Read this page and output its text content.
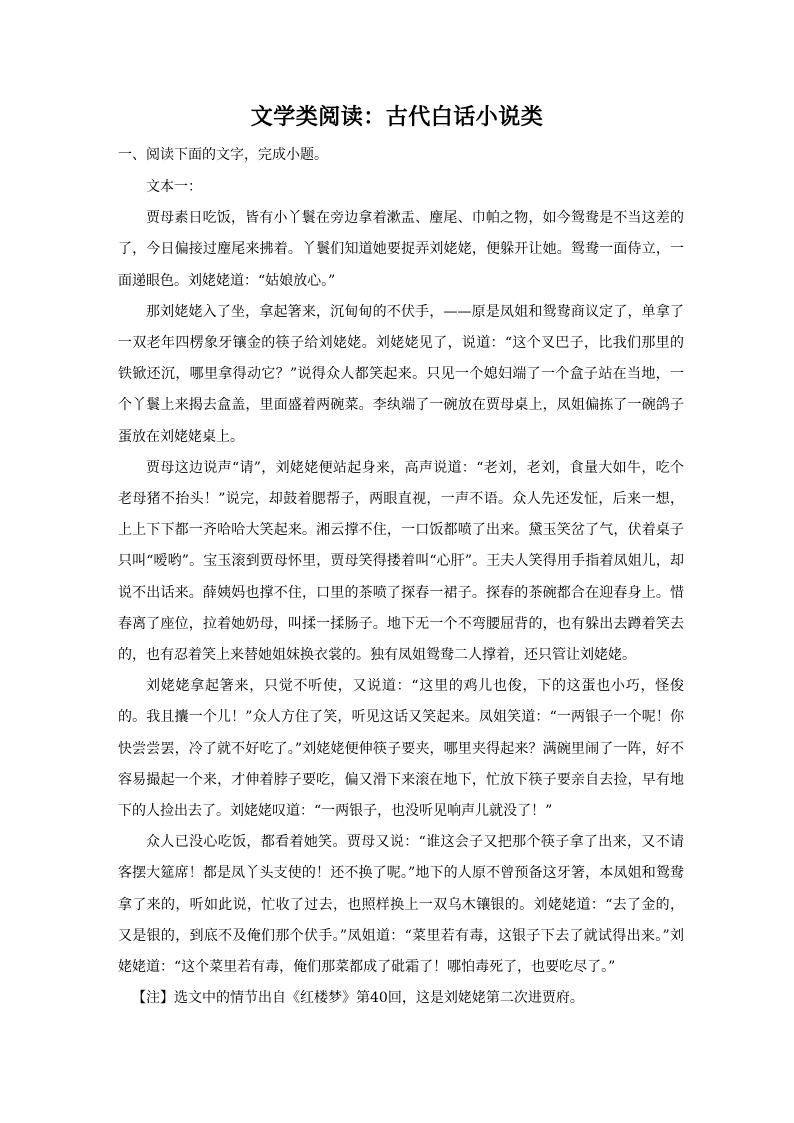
文学类阅读：古代白话小说类
一、阅读下面的文字，完成小题。

文本一：

贾母素日吃饭，皆有小丫鬟在旁边拿着漱盂、麈尾、巾帕之物，如今鸳鸯是不当这差的了，今日偏接过麈尾来拂着。丫鬟们知道她要捉弄刘姥姥，便躲开让她。鸳鸯一面侍立，一面递眼色。刘姥姥道：“姑娘放心。”

那刘姥姥入了坐，拿起箸来，沉甸甸的不伏手，——原是凤姐和鸳鸯商议定了，单拿了一双老年四楞象牙镶金的筷子给刘姥姥。刘姥姥见了，说道：“这个叉巴子，比我们那里的铁锨还沉，哪里拿得动它？”说得众人都笑起来。只见一个媳妇端了一个盒子站在当地，一个丫鬟上来揭去盒盖，里面盛着两碗菜。李纨端了一碗放在贾母桌上，凤姐偏拣了一碗鸽子蛋放在刘姥姥桌上。

贾母这边说声“请”，刘姥姥便站起身来，高声说道：“老刘，老刘，食量大如牛，吃个老母猪不抬头！”说完，却鼓着腮帮子，两眼直视，一声不语。众人先还发怔，后来一想，上上下下都一齐哈哈大笑起来。湘云撑不住，一口饭都喷了出来。黛玉笑岔了气，伏着桌子只叫“嗳哟”。宝玉滚到贾母怀里，贾母笑得搂着叫“心肝”。王夫人笑得用手指着凤姐儿，却说不出话来。薛姨妈也撑不住，口里的茶喷了探春一裙子。探春的茶碗都合在迎春身上。惜春离了座位，拉着她奶母，叫揉一揉肠子。地下无一个不弯腰屈背的，也有躲出去蹲着笑去的，也有忍着笑上来替她姐妹换衣裳的。独有凤姐鸳鸯二人撑着，还只管让刘姥姥。

刘姥姥拿起箸来，只觉不听使，又说道：“这里的鸡儿也俊，下的这蛋也小巧，怪俊的。我且攮一个儿！”众人方住了笑，听见这话又笑起来。凤姐笑道：“一两银子一个呢！你快尝尝罢，冷了就不好吃了。”刘姥姥便伸筷子要夹，哪里夹得起来？满碗里闹了一阵，好不容易撮起一个来，才伸着脖子要吃，偏又滑下来滚在地下，忙放下筷子要亲自去捡，早有地下的人捡出去了。刘姥姥叹道：“一两银子，也没听见响声儿就没了！”

众人已没心吃饭，都看着她笑。贾母又说：“谁这会子又把那个筷子拿了出来，又不请客摆大筵席！都是凤丫头支使的！还不换了呢。”地下的人原不曾预备这牙箸，本凤姐和鸳鸯拿了来的，听如此说，忙收了过去，也照样换上一双乌木镶银的。刘姥姥道：“去了金的，又是银的，到底不及俺们那个伏手。”凤姐道：“菜里若有毒，这银子下去了就试得出来。”刘姥姥道：“这个菜里若有毒，俺们那菜都成了砒霜了！哪怕毒死了，也要吃尽了。”

【注】选文中的情节出自《红楼梦》第40回，这是刘姥姥第二次进贾府。
